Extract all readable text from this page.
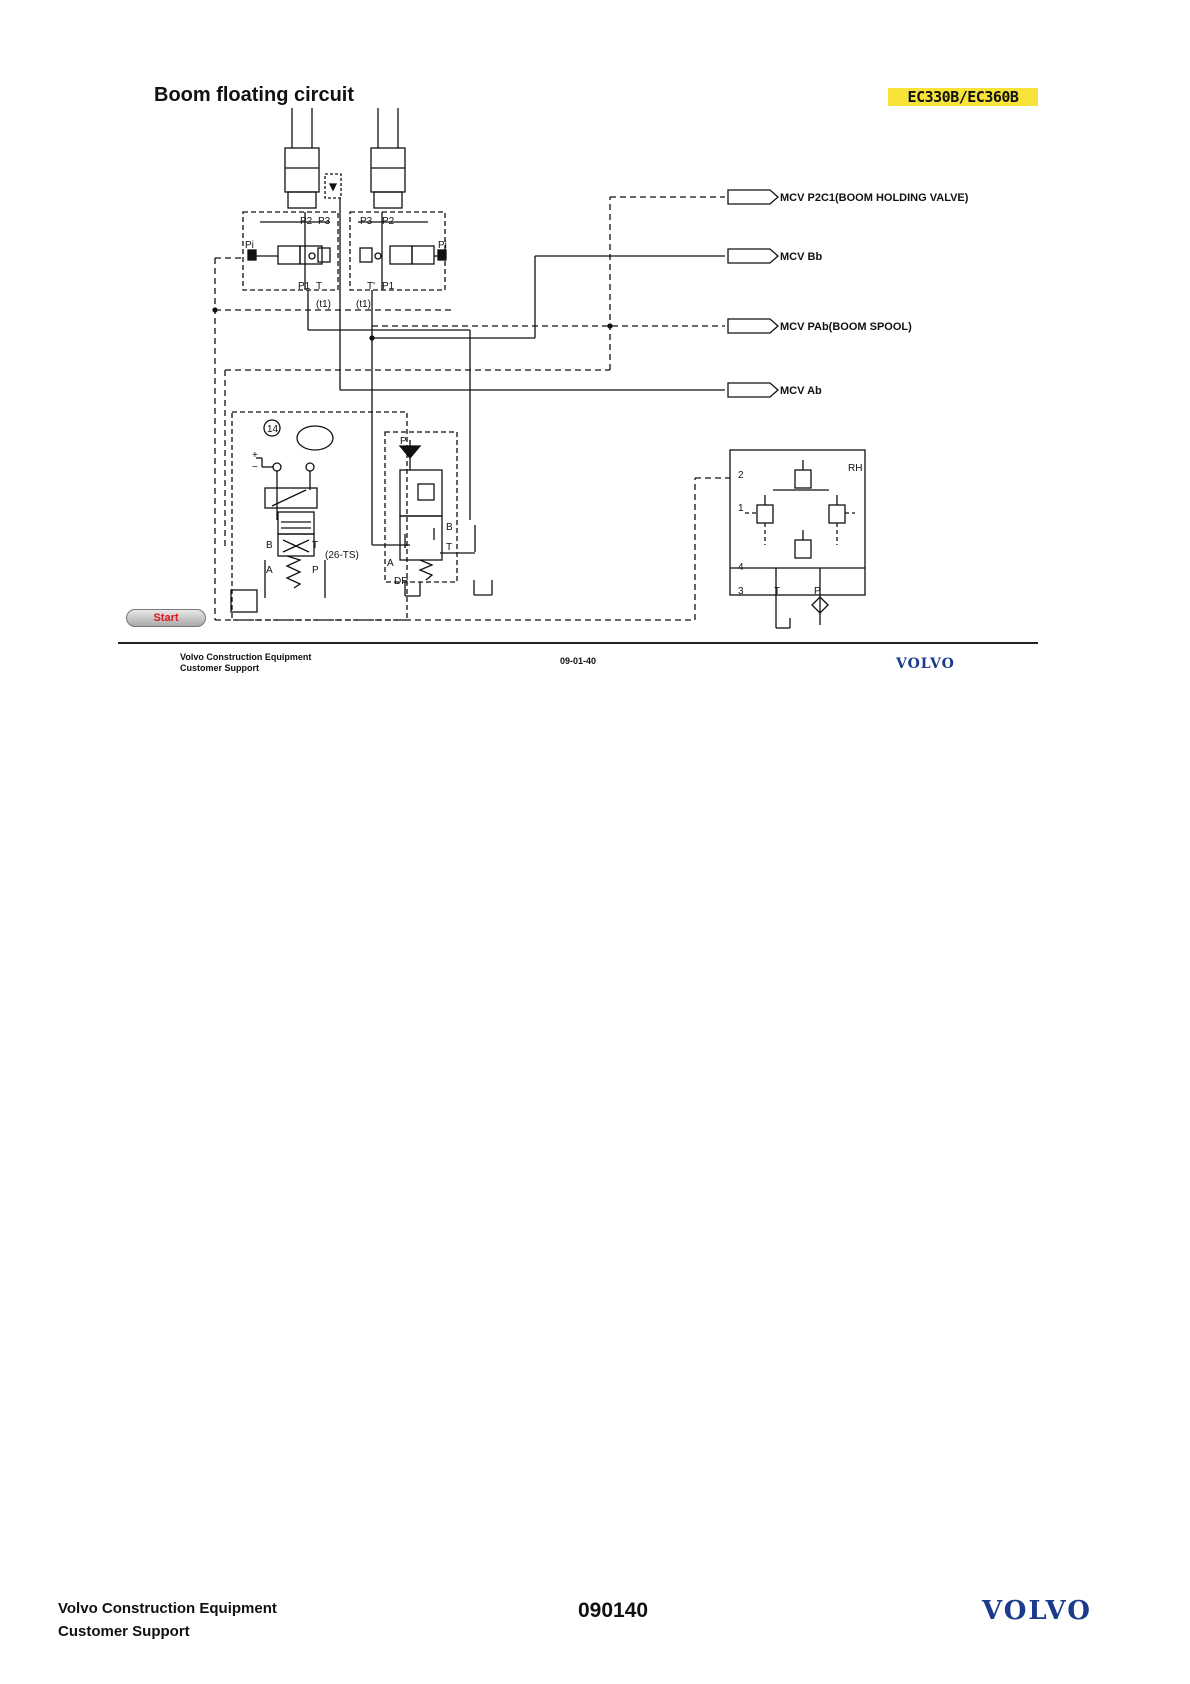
Boom floating circuit	EC330B/EC360B
P2 P3	P3 P2
Pi	Pi
P1 T	T' P1
(t1)	(t1)
14
+
−
B	T
A	P
(26-TS)
P
B
T
A
DR
MCV P2C1(BOOM HOLDING VALVE)
MCV Bb
MCV PAb(BOOM SPOOL)
MCV Ab
RH
2
1
4
3	T	P
Start
Volvo Construction Equipment
Customer Support
09-01-40	VOLVO
Volvo Construction Equipment
Customer Support
090140	VOLVO
